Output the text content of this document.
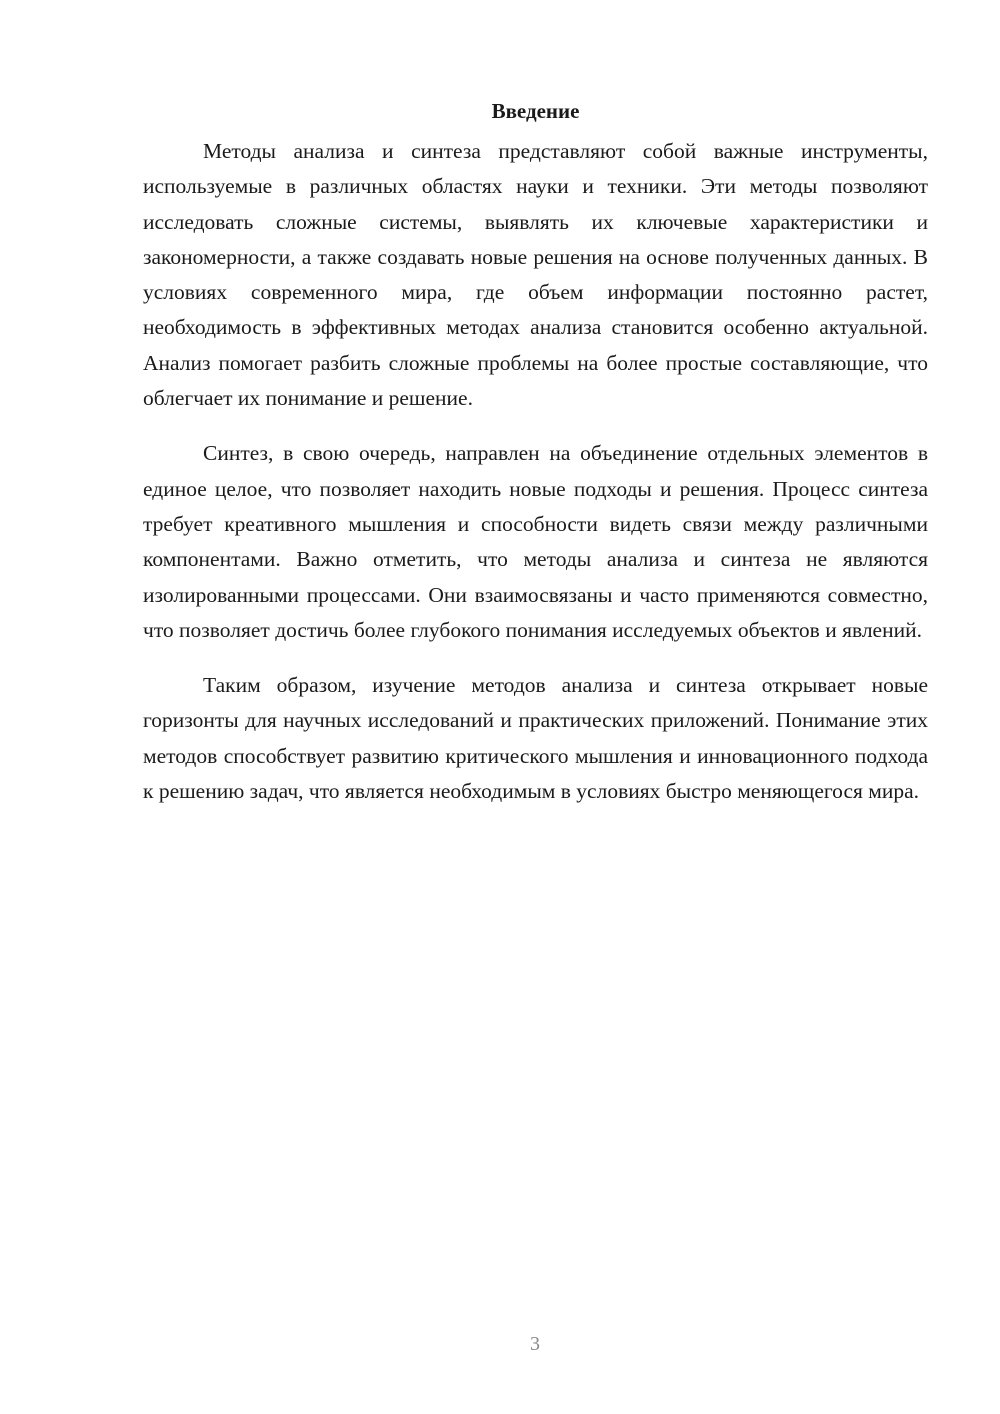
Введение

Методы анализа и синтеза представляют собой важные инструменты, используемые в различных областях науки и техники. Эти методы позволяют исследовать сложные системы, выявлять их ключевые характеристики и закономерности, а также создавать новые решения на основе полученных данных. В условиях современного мира, где объем информации постоянно растет, необходимость в эффективных методах анализа становится особенно актуальной. Анализ помогает разбить сложные проблемы на более простые составляющие, что облегчает их понимание и решение.

Синтез, в свою очередь, направлен на объединение отдельных элементов в единое целое, что позволяет находить новые подходы и решения. Процесс синтеза требует креативного мышления и способности видеть связи между различными компонентами. Важно отметить, что методы анализа и синтеза не являются изолированными процессами. Они взаимосвязаны и часто применяются совместно, что позволяет достичь более глубокого понимания исследуемых объектов и явлений.

Таким образом, изучение методов анализа и синтеза открывает новые горизонты для научных исследований и практических приложений. Понимание этих методов способствует развитию критического мышления и инновационного подхода к решению задач, что является необходимым в условиях быстро меняющегося мира.

3
